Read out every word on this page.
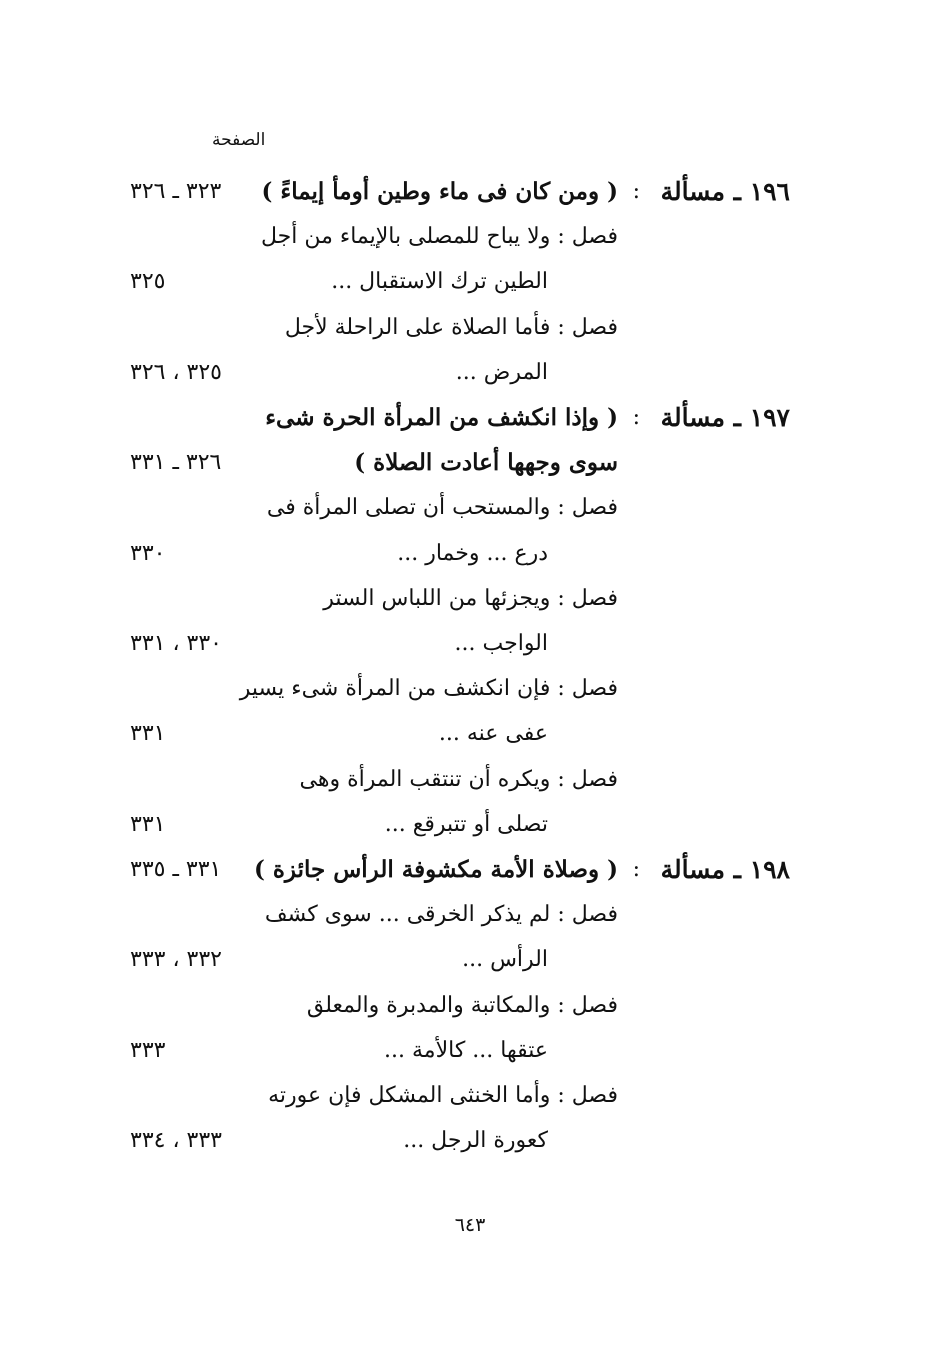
الصفحة
١٩٦ ـ مسألة
:
( ومن كان فى ماء وطين أومأ إيماءً )
٣٢٣ ـ ٣٢٦
فصل : ولا يباح للمصلى بالإيماء من أجل
الطين ترك الاستقبال ...
٣٢٥
فصل : فأما الصلاة على الراحلة لأجل
المرض ...
٣٢٥ ، ٣٢٦
١٩٧ ـ مسألة
:
( وإذا انكشف من المرأة الحرة شىء
سوى وجهها أعادت الصلاة )
٣٢٦ ـ ٣٣١
فصل : والمستحب أن تصلى المرأة فى
درع ... وخمار ...
٣٣٠
فصل : ويجزئها من اللباس الستر
الواجب ...
٣٣٠ ، ٣٣١
فصل : فإن انكشف من المرأة شىء يسير
عفى عنه ...
٣٣١
فصل : ويكره أن تنتقب المرأة وهى
تصلى أو تتبرقع ...
٣٣١
١٩٨ ـ مسألة
:
( وصلاة الأمة مكشوفة الرأس جائزة )
٣٣١ ـ ٣٣٥
فصل : لم يذكر الخرقى ... سوى كشف
الرأس ...
٣٣٢ ، ٣٣٣
فصل : والمكاتبة والمدبرة والمعلق
عتقها ... كالأمة ...
٣٣٣
فصل : وأما الخنثى المشكل فإن عورته
كعورة الرجل ...
٣٣٣ ، ٣٣٤
٦٤٣
